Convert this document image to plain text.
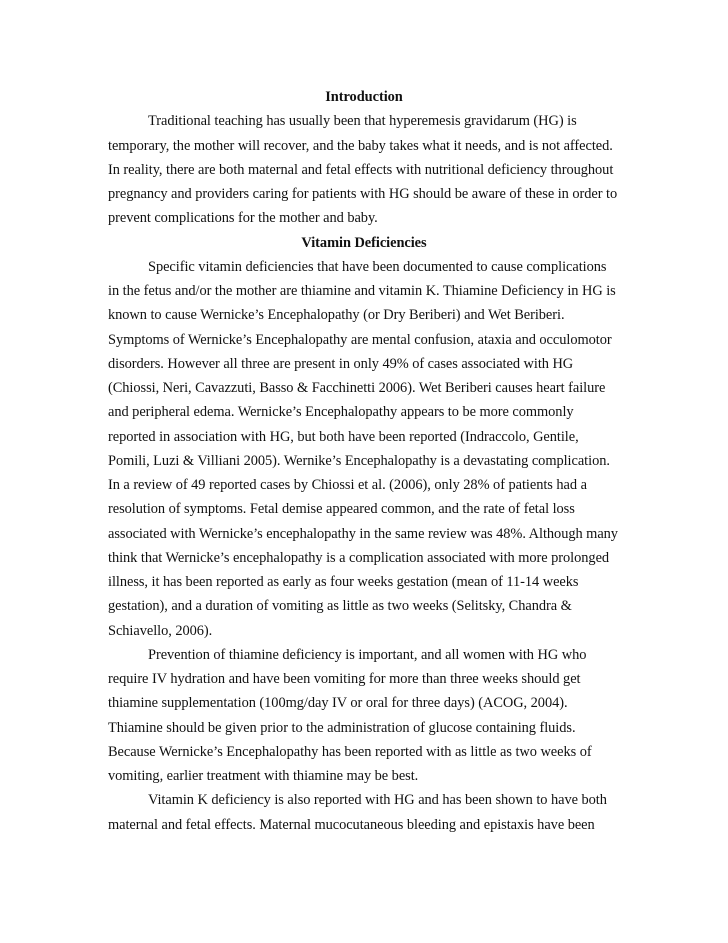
Introduction

Traditional teaching has usually been that hyperemesis gravidarum (HG) is temporary, the mother will recover, and the baby takes what it needs, and is not affected. In reality, there are both maternal and fetal effects with nutritional deficiency throughout pregnancy and providers caring for patients with HG should be aware of these in order to prevent complications for the mother and baby.

Vitamin Deficiencies

Specific vitamin deficiencies that have been documented to cause complications in the fetus and/or the mother are thiamine and vitamin K. Thiamine Deficiency in HG is known to cause Wernicke’s Encephalopathy (or Dry Beriberi) and Wet Beriberi. Symptoms of Wernicke’s Encephalopathy are mental confusion, ataxia and occulomotor disorders. However all three are present in only 49% of cases associated with HG (Chiossi, Neri, Cavazzuti, Basso & Facchinetti 2006). Wet Beriberi causes heart failure and peripheral edema. Wernicke’s Encephalopathy appears to be more commonly reported in association with HG, but both have been reported (Indraccolo, Gentile, Pomili, Luzi & Villiani 2005). Wernike’s Encephalopathy is a devastating complication. In a review of 49 reported cases by Chiossi et al. (2006), only 28% of patients had a resolution of symptoms. Fetal demise appeared common, and the rate of fetal loss associated with Wernicke’s encephalopathy in the same review was 48%. Although many think that Wernicke’s encephalopathy is a complication associated with more prolonged illness, it has been reported as early as four weeks gestation (mean of 11-14 weeks gestation), and a duration of vomiting as little as two weeks (Selitsky, Chandra & Schiavello, 2006).

Prevention of thiamine deficiency is important, and all women with HG who require IV hydration and have been vomiting for more than three weeks should get thiamine supplementation (100mg/day IV or oral for three days) (ACOG, 2004). Thiamine should be given prior to the administration of glucose containing fluids. Because Wernicke’s Encephalopathy has been reported with as little as two weeks of vomiting, earlier treatment with thiamine may be best.

Vitamin K deficiency is also reported with HG and has been shown to have both maternal and fetal effects. Maternal mucocutaneous bleeding and epistaxis have been
